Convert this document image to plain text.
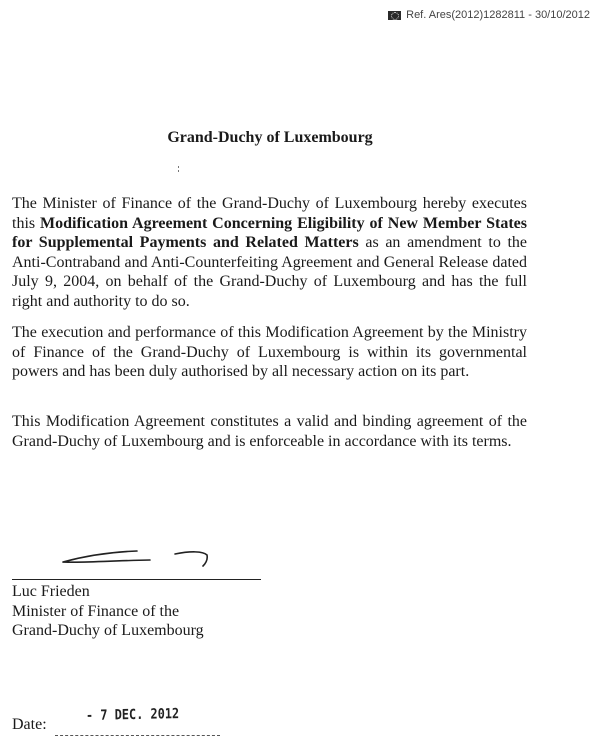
Ref. Ares(2012)1282811 - 30/10/2012
Grand-Duchy of Luxembourg

The Minister of Finance of the Grand-Duchy of Luxembourg hereby executes this Modification Agreement Concerning Eligibility of New Member States for Supplemental Payments and Related Matters as an amendment to the Anti-Contraband and Anti-Counterfeiting Agreement and General Release dated July 9, 2004, on behalf of the Grand-Duchy of Luxembourg and has the full right and authority to do so.

The execution and performance of this Modification Agreement by the Ministry of Finance of the Grand-Duchy of Luxembourg is within its governmental powers and has been duly authorised by all necessary action on its part.

This Modification Agreement constitutes a valid and binding agreement of the Grand-Duchy of Luxembourg and is enforceable in accordance with its terms.

Luc Frieden
Minister of Finance of the
Grand-Duchy of Luxembourg
Date:
- 7 DEC. 2012
